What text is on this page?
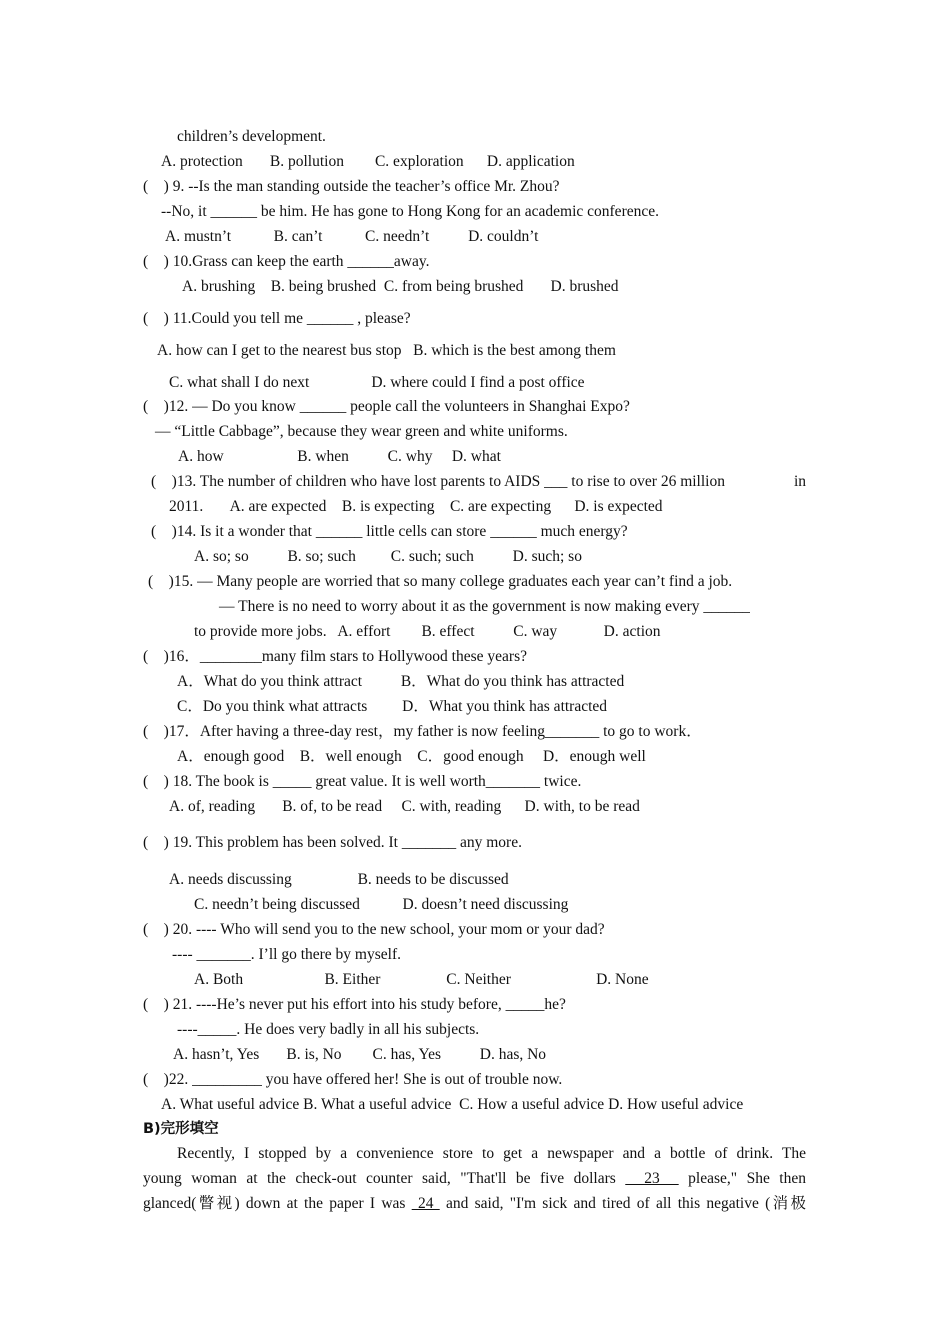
children’s development.
A. protection       B. pollution        C. exploration      D. application
(    ) 9. --Is the man standing outside the teacher’s office Mr. Zhou?
--No, it ______ be him. He has gone to Hong Kong for an academic conference.
A. mustn’t           B. can’t           C. needn’t          D. couldn’t
(    ) 10.Grass can keep the earth ______away.
A. brushing    B. being brushed  C. from being brushed       D. brushed
(    ) 11.Could you tell me ______ , please?
A. how can I get to the nearest bus stop   B. which is the best among them
C. what shall I do next                D. where could I find a post office
(    )12. — Do you know ______ people call the volunteers in Shanghai Expo?
— “Little Cabbage”, because they wear green and white uniforms.
A. how                   B. when          C. why     D. what
(    )13. The number of children who have lost parents to AIDS ___ to rise to over 26 million	in
2011.       A. are expected    B. is expecting    C. are expecting      D. is expected
(    )14. Is it a wonder that ______ little cells can store ______ much energy?
A. so; so          B. so; such         C. such; such          D. such; so
(    )15. — Many people are worried that so many college graduates each year can’t find a job.
— There is no need to worry about it as the government is now making every ______
to provide more jobs.   A. effort        B. effect          C. way            D. action
(    )16．________many film stars to Hollywood these years?
A．What do you think attract          B．What do you think has attracted
C．Do you think what attracts         D．What you think has attracted
(    )17．After having a three-day rest，my father is now feeling_______ to go to work．
A．enough good    B．well enough    C．good enough     D．enough well
(    ) 18. The book is _____ great value. It is well worth_______ twice.
A. of, reading       B. of, to be read     C. with, reading      D. with, to be read
(    ) 19. This problem has been solved. It _______ any more.
A. needs discussing                 B. needs to be discussed
C. needn’t being discussed           D. doesn’t need discussing
(    ) 20. ---- Who will send you to the new school, your mom or your dad?
---- _______. I’ll go there by myself.
A. Both                     B. Either                 C. Neither                      D. None
(    ) 21. ----He’s never put his effort into his study before, _____he?
----_____. He does very badly in all his subjects.
A. hasn’t, Yes       B. is, No        C. has, Yes          D. has, No
(    )22. _________ you have offered her! She is out of trouble now.
A. What useful advice B. What a useful advice  C. How a useful advice D. How useful advice
B)完形填空
Recently, I stopped by a convenience store to get a newspaper and a bottle of drink. The
young woman at the check-out counter said, "That'll be five dollars   23   please," She then
glanced(瞥视) down at the paper I was  24  and said, "I'm sick and tired of all this negative (消极
